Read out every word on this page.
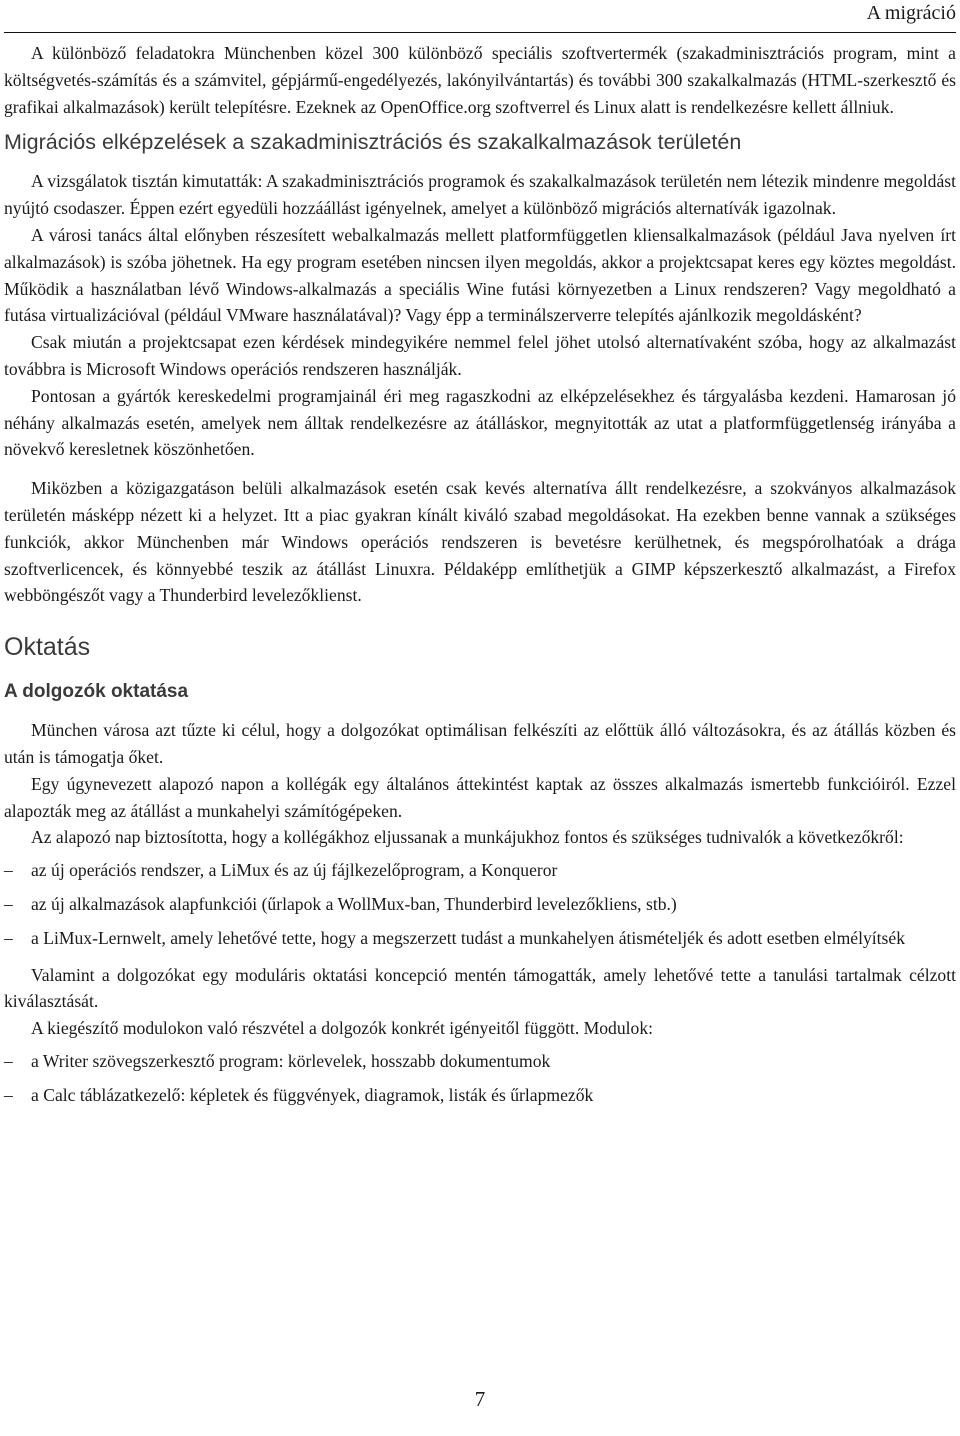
A migráció

A különböző feladatokra Münchenben közel 300 különböző speciális szoftvertermék (szakadminisztrációs program, mint a költségvetés-számítás és a számvitel, gépjármű-engedélyezés, lakónyilvántartás) és további 300 szakalkalmazás (HTML-szerkesztő és grafikai alkalmazások) került telepítésre. Ezeknek az OpenOffice.org szoftverrel és Linux alatt is rendelkezésre kellett állniuk.

Migrációs elképzelések a szakadminisztrációs és szakalkalmazások területén

A vizsgálatok tisztán kimutatták: A szakadminisztrációs programok és szakalkalmazások területén nem létezik mindenre megoldást nyújtó csodaszer. Éppen ezért egyedüli hozzáállást igényelnek, amelyet a különböző migrációs alternatívák igazolnak.

A városi tanács által előnyben részesített webalkalmazás mellett platformfüggetlen kliensalkalmazások (például Java nyelven írt alkalmazások) is szóba jöhetnek. Ha egy program esetében nincsen ilyen megoldás, akkor a projektcsapat keres egy köztes megoldást. Működik a használatban lévő Windows-alkalmazás a speciális Wine futási környezetben a Linux rendszeren? Vagy megoldható a futása virtualizációval (például VMware használatával)? Vagy épp a terminálszerverre telepítés ajánlkozik megoldásként?

Csak miután a projektcsapat ezen kérdések mindegyikére nemmel felel jöhet utolsó alternatívaként szóba, hogy az alkalmazást továbbra is Microsoft Windows operációs rendszeren használják.

Pontosan a gyártók kereskedelmi programjainál éri meg ragaszkodni az elképzelésekhez és tárgyalásba kezdeni. Hamarosan jó néhány alkalmazás esetén, amelyek nem álltak rendelkezésre az átálláskor, megnyitották az utat a platformfüggetlenség irányába a növekvő keresletnek köszönhetően.

Miközben a közigazgatáson belüli alkalmazások esetén csak kevés alternatíva állt rendelkezésre, a szokványos alkalmazások területén másképp nézett ki a helyzet. Itt a piac gyakran kínált kiváló szabad megoldásokat. Ha ezekben benne vannak a szükséges funkciók, akkor Münchenben már Windows operációs rendszeren is bevetésre kerülhetnek, és megspórolhatóak a drága szoftverlicencek, és könnyebbé teszik az átállást Linuxra. Példaképp említhetjük a GIMP képszerkesztő alkalmazást, a Firefox webböngészőt vagy a Thunderbird levelezőklienst.

Oktatás
A dolgozók oktatása

München városa azt tűzte ki célul, hogy a dolgozókat optimálisan felkészíti az előttük álló változásokra, és az átállás közben és után is támogatja őket.

Egy úgynevezett alapozó napon a kollégák egy általános áttekintést kaptak az összes alkalmazás ismertebb funkcióiról. Ezzel alapozták meg az átállást a munkahelyi számítógépeken.

Az alapozó nap biztosította, hogy a kollégákhoz eljussanak a munkájukhoz fontos és szükséges tudnivalók a következőkről:

– az új operációs rendszer, a LiMux és az új fájlkezelőprogram, a Konqueror
– az új alkalmazások alapfunkciói (űrlapok a WollMux-ban, Thunderbird levelezőkliens, stb.)
– a LiMux-Lernwelt, amely lehetővé tette, hogy a megszerzett tudást a munkahelyen átismételjék és adott esetben elmélyítsék

Valamint a dolgozókat egy moduláris oktatási koncepció mentén támogatták, amely lehetővé tette a tanulási tartalmak célzott kiválasztását.

A kiegészítő modulokon való részvétel a dolgozók konkrét igényeitől függött. Modulok:

– a Writer szövegszerkesztő program: körlevelek, hosszabb dokumentumok
– a Calc táblázatkezelő: képletek és függvények, diagramok, listák és űrlapmezők
7
